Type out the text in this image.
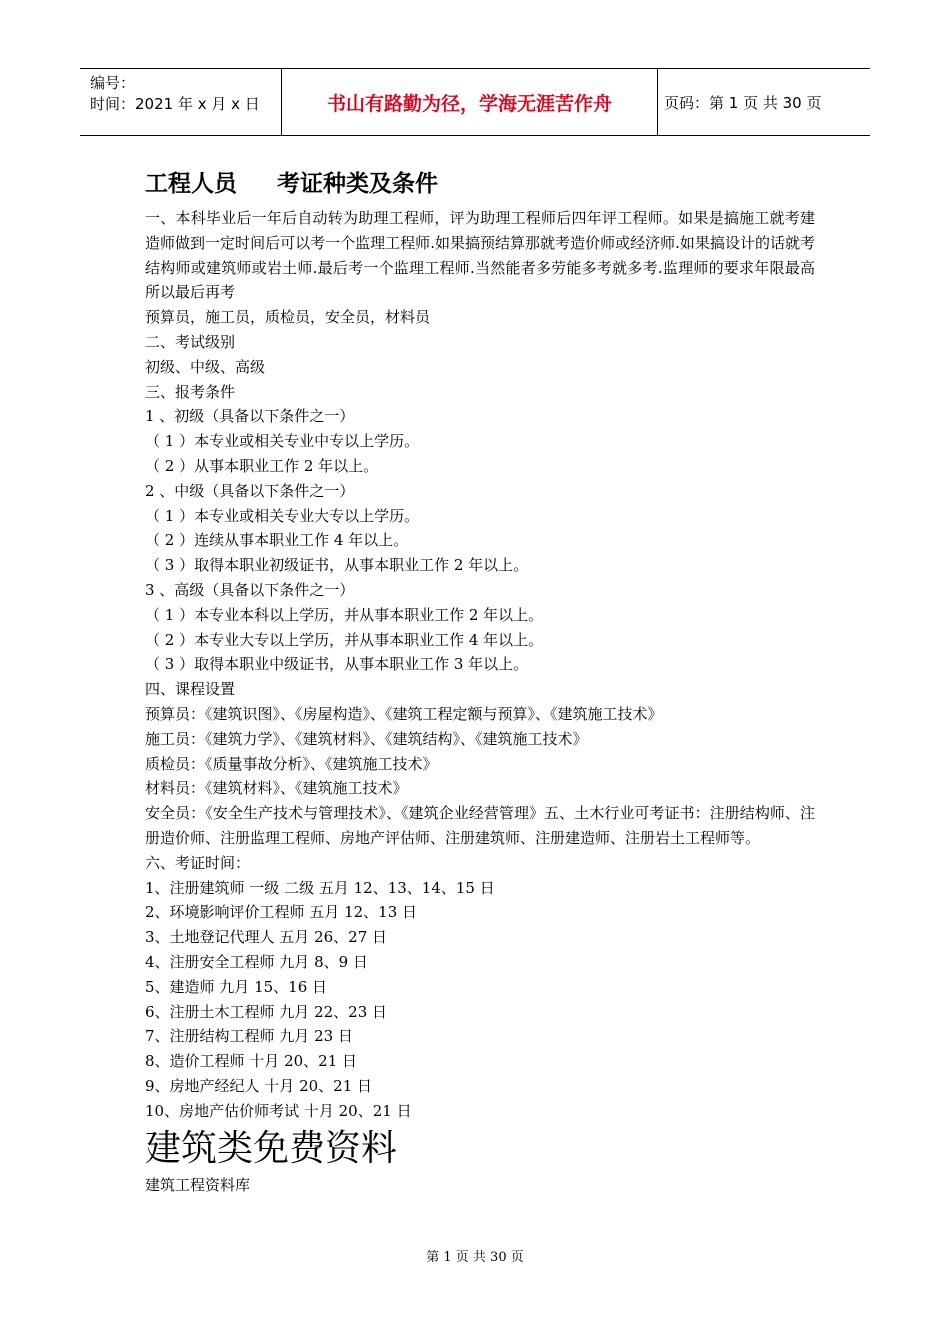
编号：
时间：2021 年 x 月 x 日	书山有路勤为径，学海无涯苦作舟	页码：第 1 页 共 30 页
工程人员     考证种类及条件

一、本科毕业后一年后自动转为助理工程师，评为助理工程师后四年评工程师。如果是搞施工就考建造师做到一定时间后可以考一个监理工程师.如果搞预结算那就考造价师或经济师.如果搞设计的话就考结构师或建筑师或岩土师.最后考一个监理工程师.当然能者多劳能多考就多考.监理师的要求年限最高所以最后再考

预算员，施工员，质检员，安全员，材料员

二、考试级别

初级、中级、高级

三、报考条件

1 、初级（具备以下条件之一）

（ 1 ）本专业或相关专业中专以上学历。

（ 2 ）从事本职业工作 2 年以上。

2 、中级（具备以下条件之一）

（ 1 ）本专业或相关专业大专以上学历。

（ 2 ）连续从事本职业工作 4 年以上。

（ 3 ）取得本职业初级证书，从事本职业工作 2 年以上。

3 、高级（具备以下条件之一）

（ 1 ）本专业本科以上学历，并从事本职业工作 2 年以上。

（ 2 ）本专业大专以上学历，并从事本职业工作 4 年以上。

（ 3 ）取得本职业中级证书，从事本职业工作 3 年以上。

四、课程设置

预算员：《建筑识图》、《房屋构造》、《建筑工程定额与预算》、《建筑施工技术》

施工员：《建筑力学》、《建筑材料》、《建筑结构》、《建筑施工技术》

质检员：《质量事故分析》、《建筑施工技术》

材料员：《建筑材料》、《建筑施工技术》

安全员：《安全生产技术与管理技术》、《建筑企业经营管理》五、土木行业可考证书：注册结构师、注册造价师、注册监理工程师、房地产评估师、注册建筑师、注册建造师、注册岩土工程师等。

六、考证时间：

1、注册建筑师 一级 二级 五月 12、13、14、15 日

2、环境影响评价工程师 五月 12、13 日

3、土地登记代理人 五月 26、27 日

4、注册安全工程师 九月 8、9 日

5、建造师 九月 15、16 日

6、注册土木工程师 九月 22、23 日

7、注册结构工程师 九月 23 日

8、造价工程师 十月 20、21 日

9、房地产经纪人 十月 20、21 日

10、房地产估价师考试 十月 20、21 日

建筑类免费资料
建筑工程资料库
第 1 页 共 30 页
